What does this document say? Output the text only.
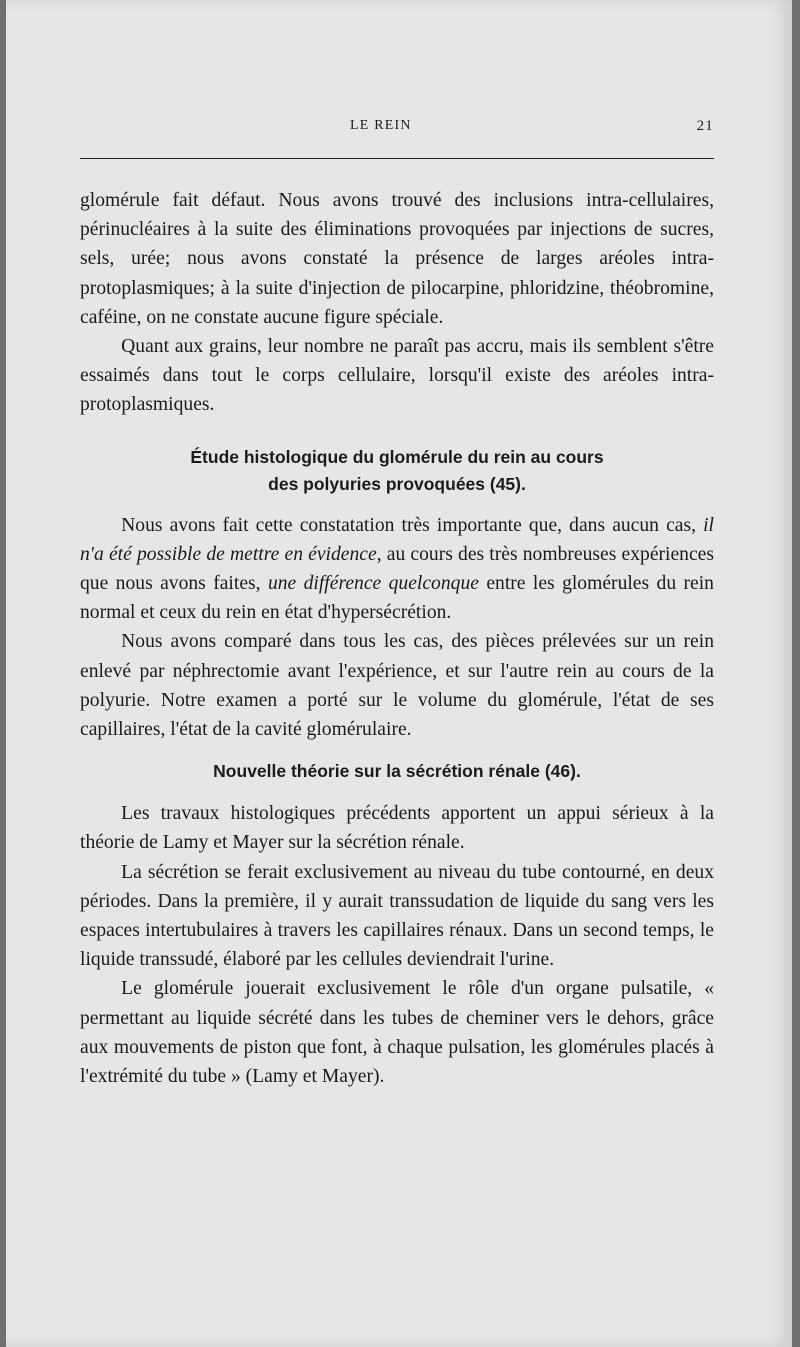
LE REIN	21

glomérule fait défaut. Nous avons trouvé des inclusions intra-cellulaires, périnucléaires à la suite des éliminations provoquées par injections de sucres, sels, urée; nous avons constaté la présence de larges aréoles intra-protoplasmiques; à la suite d'injection de pilocarpine, phloridzine, théobromine, caféine, on ne constate aucune figure spéciale.

Quant aux grains, leur nombre ne paraît pas accru, mais ils semblent s'être essaimés dans tout le corps cellulaire, lorsqu'il existe des aréoles intra-protoplasmiques.

Étude histologique du glomérule du rein au cours
des polyuries provoquées (45).

Nous avons fait cette constatation très importante que, dans aucun cas, il n'a été possible de mettre en évidence, au cours des très nombreuses expériences que nous avons faites, une différence quelconque entre les glomérules du rein normal et ceux du rein en état d'hypersécrétion.

Nous avons comparé dans tous les cas, des pièces prélevées sur un rein enlevé par néphrectomie avant l'expérience, et sur l'autre rein au cours de la polyurie. Notre examen a porté sur le volume du glomérule, l'état de ses capillaires, l'état de la cavité glomérulaire.

Nouvelle théorie sur la sécrétion rénale (46).

Les travaux histologiques précédents apportent un appui sérieux à la théorie de Lamy et Mayer sur la sécrétion rénale.

La sécrétion se ferait exclusivement au niveau du tube contourné, en deux périodes. Dans la première, il y aurait transsudation de liquide du sang vers les espaces intertubulaires à travers les capillaires rénaux. Dans un second temps, le liquide transsudé, élaboré par les cellules deviendrait l'urine.

Le glomérule jouerait exclusivement le rôle d'un organe pulsatile, « permettant au liquide sécrété dans les tubes de cheminer vers le dehors, grâce aux mouvements de piston que font, à chaque pulsation, les glomérules placés à l'extrémité du tube » (Lamy et Mayer).
